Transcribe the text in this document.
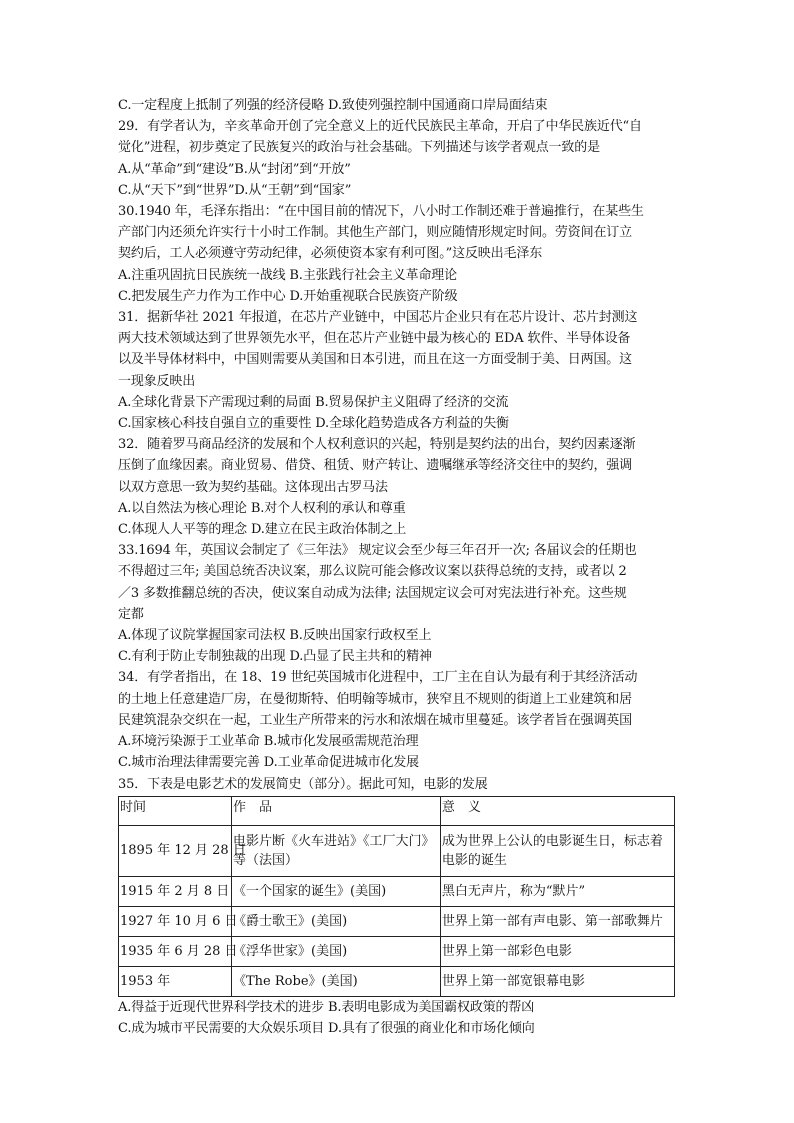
C.一定程度上抵制了列强的经济侵略 D.致使列强控制中国通商口岸局面结束
29．有学者认为，辛亥革命开创了完全意义上的近代民族民主革命，开启了中华民族近代“自
觉化”进程，初步奠定了民族复兴的政治与社会基础。下列描述与该学者观点一致的是
A.从“革命”到“建设”B.从“封闭”到“开放”
C.从“天下”到“世界”D.从“王朝”到“国家”
30.1940 年，毛泽东指出：“在中国目前的情况下，八小时工作制还难于普遍推行，在某些生
产部门内还须允许实行十小时工作制。其他生产部门，则应随情形规定时间。劳资间在订立
契约后，工人必须遵守劳动纪律，必须使资本家有利可图。”这反映出毛泽东
A.注重巩固抗日民族统一战线 B.主张践行社会主义革命理论
C.把发展生产力作为工作中心 D.开始重视联合民族资产阶级
31．据新华社 2021 年报道，在芯片产业链中，中国芯片企业只有在芯片设计、芯片封测这
两大技术领域达到了世界领先水平，但在芯片产业链中最为核心的 EDA 软件、半导体设备
以及半导体材料中，中国则需要从美国和日本引进，而且在这一方面受制于美、日两国。这
一现象反映出
A.全球化背景下产需现过剩的局面 B.贸易保护主义阻碍了经济的交流
C.国家核心科技自强自立的重要性 D.全球化趋势造成各方利益的失衡
32．随着罗马商品经济的发展和个人权利意识的兴起，特别是契约法的出台，契约因素逐渐
压倒了血缘因素。商业贸易、借贷、租赁、财产转让、遗嘱继承等经济交往中的契约，强调
以双方意思一致为契约基础。这体现出古罗马法
A.以自然法为核心理论 B.对个人权利的承认和尊重
C.体现人人平等的理念 D.建立在民主政治体制之上
33.1694 年，英国议会制定了《三年法》 规定议会至少每三年召开一次; 各届议会的任期也
不得超过三年; 美国总统否决议案，那么议院可能会修改议案以获得总统的支持，或者以 2
／3 多数推翻总统的否决，使议案自动成为法律; 法国规定议会可对宪法进行补充。这些规
定都
A.体现了议院掌握国家司法权 B.反映出国家行政权至上
C.有利于防止专制独裁的出现 D.凸显了民主共和的精神
34．有学者指出，在 18、19 世纪英国城市化进程中，工厂主在自认为最有利于其经济活动
的土地上任意建造厂房，在曼彻斯特、伯明翰等城市，狭窄且不规则的街道上工业建筑和居
民建筑混杂交织在一起，工业生产所带来的污水和浓烟在城市里蔓延。该学者旨在强调英国
A.环境污染源于工业革命 B.城市化发展亟需规范治理
C.城市治理法律需要完善 D.工业革命促进城市化发展
35．下表是电影艺术的发展简史（部分）。据此可知，电影的发展
时间	作　品	意　义
1895 年 12 月 28 日	电影片断《火车进站》《工厂大门》等（法国）	成为世界上公认的电影诞生日，标志着电影的诞生
1915 年 2 月 8 日	《一个国家的诞生》(美国)	黑白无声片，称为“默片”
1927 年 10 月 6 日	《爵士歌王》(美国)	世界上第一部有声电影、第一部歌舞片
1935 年 6 月 28 日	《浮华世家》(美国)	世界上第一部彩色电影
1953 年	《The Robe》(美国)	世界上第一部宽银幕电影
A.得益于近现代世界科学技术的进步 B.表明电影成为美国霸权政策的帮凶
C.成为城市平民需要的大众娱乐项目 D.具有了很强的商业化和市场化倾向
